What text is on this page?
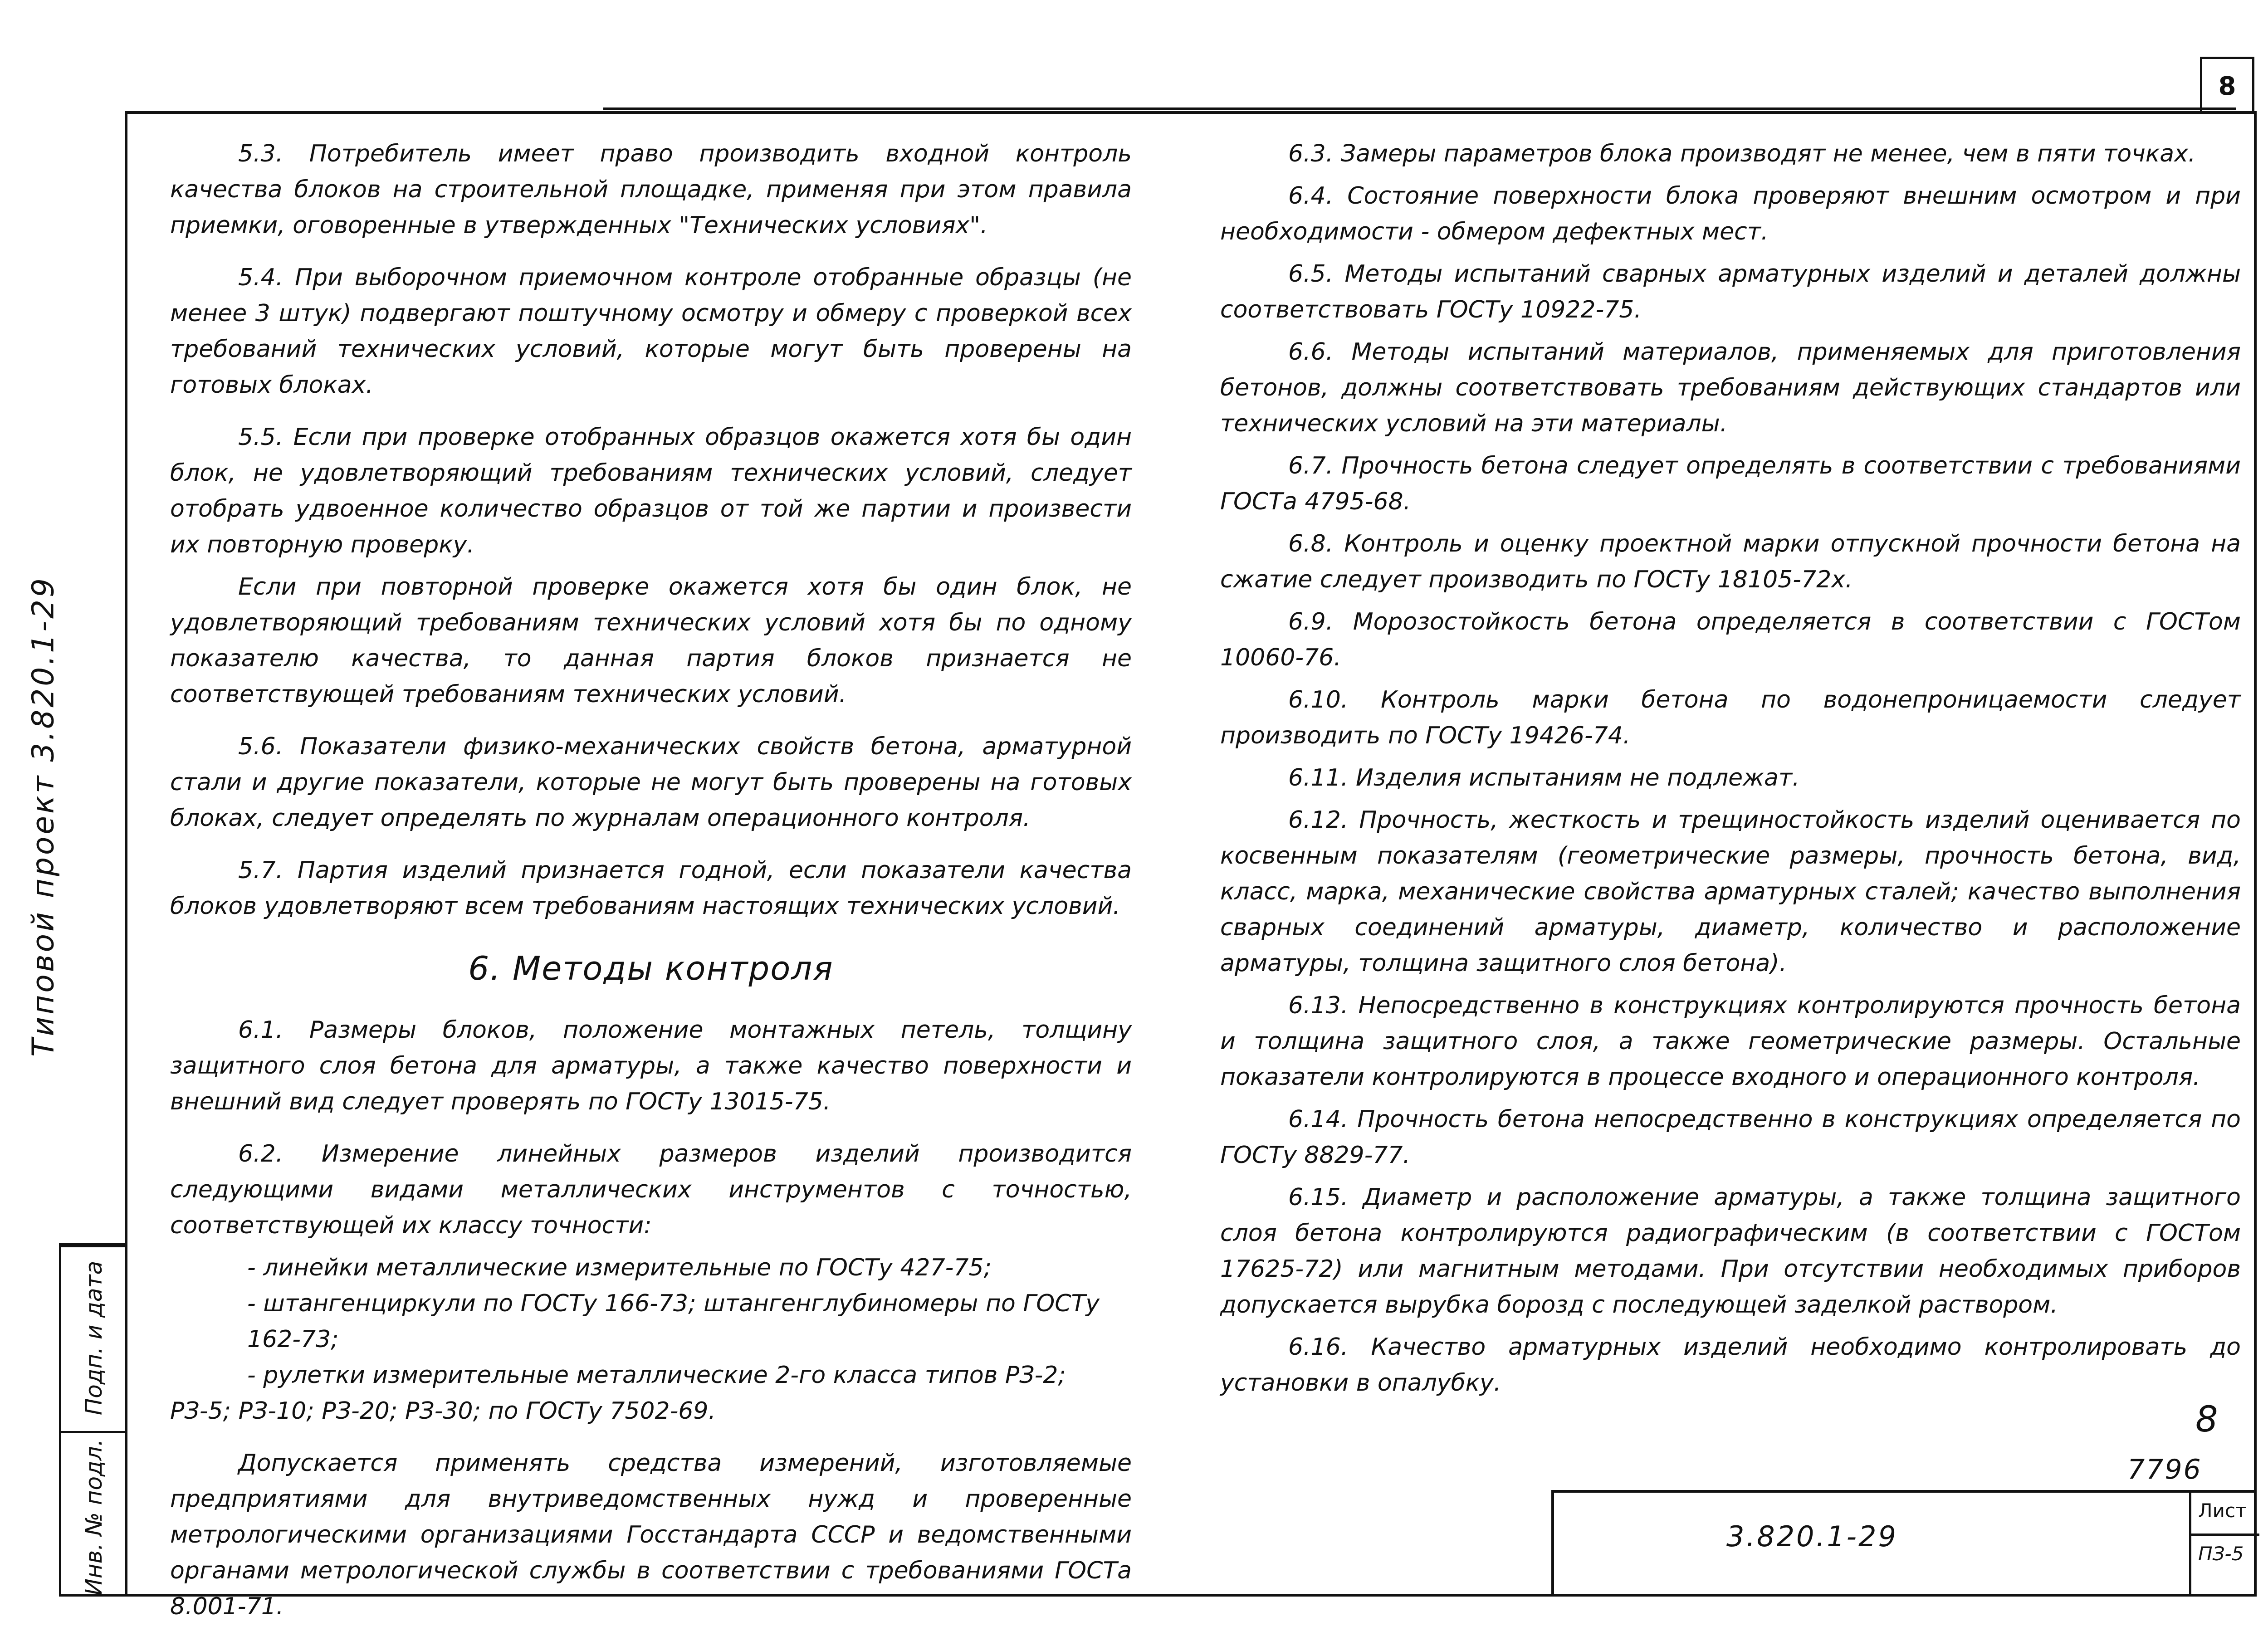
8
Типовой проект 3.820.1-29
Инв. № подл.
Подп. и дата

5.3. Потребитель имеет право производить входной контроль качества блоков на строительной площадке, применяя при этом правила приемки, оговоренные в утвержденных "Технических условиях".

5.4. При выборочном приемочном контроле отобранные образцы (не менее 3 штук) подвергают поштучному осмотру и обмеру с проверкой всех требований технических условий, которые могут быть проверены на готовых блоках.

5.5. Если при проверке отобранных образцов окажется хотя бы один блок, не удовлетворяющий требованиям технических условий, следует отобрать удвоенное количество образцов от той же партии и произвести их повторную проверку.

Если при повторной проверке окажется хотя бы один блок, не удовлетворяющий требованиям технических условий хотя бы по одному показателю качества, то данная партия блоков признается не соответствующей требованиям технических условий.

5.6. Показатели физико-механических свойств бетона, арматурной стали и другие показатели, которые не могут быть проверены на готовых блоках, следует определять по журналам операционного контроля.

5.7. Партия изделий признается годной, если показатели качества блоков удовлетворяют всем требованиям настоящих технических условий.

6. Методы контроля

6.1. Размеры блоков, положение монтажных петель, толщину защитного слоя бетона для арматуры, а также качество поверхности и внешний вид следует проверять по ГОСТу 13015-75.

6.2. Измерение линейных размеров изделий производится следующими видами металлических инструментов с точностью, соответствующей их классу точности:

- линейки металлические измерительные по ГОСТу 427-75;
- штангенциркули по ГОСТу 166-73; штангенглубиномеры по ГОСТу 162-73;
- рулетки измерительные металлические 2-го класса типов РЗ-2; РЗ-5; РЗ-10; РЗ-20; РЗ-30; по ГОСТу 7502-69.

Допускается применять средства измерений, изготовляемые предприятиями для внутриведомственных нужд и проверенные метрологическими организациями Госстандарта СССР и ведомственными органами метрологической службы в соответствии с требованиями ГОСТа 8.001-71.

6.3. Замеры параметров блока производят не менее, чем в пяти точках.

6.4. Состояние поверхности блока проверяют внешним осмотром и при необходимости - обмером дефектных мест.

6.5. Методы испытаний сварных арматурных изделий и деталей должны соответствовать ГОСТу 10922-75.

6.6. Методы испытаний материалов, применяемых для приготовления бетонов, должны соответствовать требованиям действующих стандартов или технических условий на эти материалы.

6.7. Прочность бетона следует определять в соответствии с требованиями ГОСТа 4795-68.

6.8. Контроль и оценку проектной марки отпускной прочности бетона на сжатие следует производить по ГОСТу 18105-72х.

6.9. Морозостойкость бетона определяется в соответствии с ГОСТом 10060-76.

6.10. Контроль марки бетона по водонепроницаемости следует производить по ГОСТу 19426-74.

6.11. Изделия испытаниям не подлежат.

6.12. Прочность, жесткость и трещиностойкость изделий оценивается по косвенным показателям (геометрические размеры, прочность бетона, вид, класс, марка, механические свойства арматурных сталей; качество выполнения сварных соединений арматуры, диаметр, количество и расположение арматуры, толщина защитного слоя бетона).

6.13. Непосредственно в конструкциях контролируются прочность бетона и толщина защитного слоя, а также геометрические размеры. Остальные показатели контролируются в процессе входного и операционного контроля.

6.14. Прочность бетона непосредственно в конструкциях определяется по ГОСТу 8829-77.

6.15. Диаметр и расположение арматуры, а также толщина защитного слоя бетона контролируются радиографическим (в соответствии с ГОСТом 17625-72) или магнитным методами. При отсутствии необходимых приборов допускается вырубка борозд с последующей заделкой раствором.

6.16. Качество арматурных изделий необходимо контролировать до установки в опалубку.

8
7796
3.820.1-29
Лист
ПЗ-5
